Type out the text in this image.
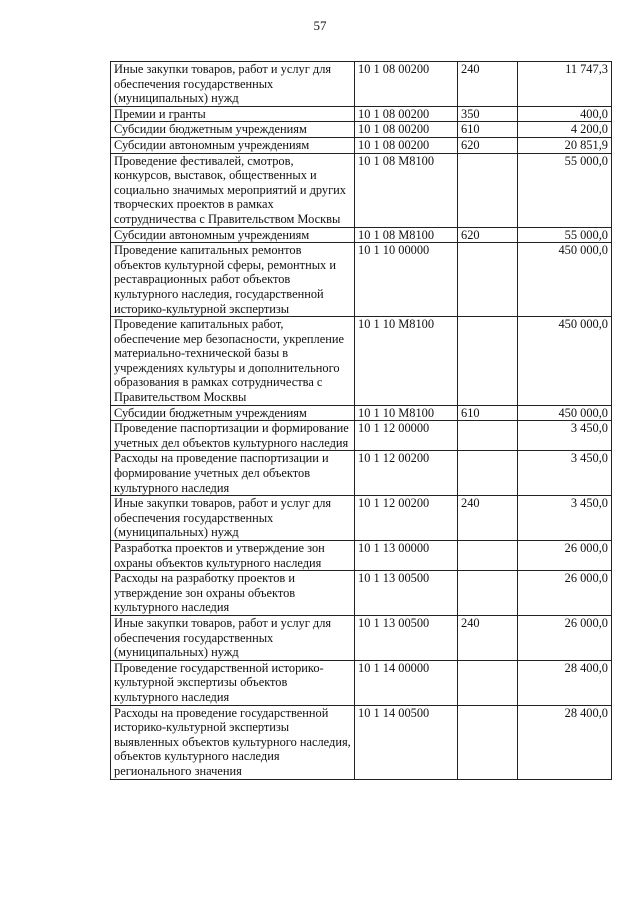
57
Иные закупки товаров, работ и услуг для обеспечения государственных (муниципальных) нужд	10 1 08 00200	240	11 747,3
Премии и гранты	10 1 08 00200	350	400,0
Субсидии бюджетным учреждениям	10 1 08 00200	610	4 200,0
Субсидии автономным учреждениям	10 1 08 00200	620	20 851,9
Проведение фестивалей, смотров, конкурсов, выставок, общественных и социально значимых мероприятий и других творческих проектов в рамках сотрудничества с Правительством Москвы	10 1 08 М8100		55 000,0
Субсидии автономным учреждениям	10 1 08 М8100	620	55 000,0
Проведение капитальных ремонтов объектов культурной сферы, ремонтных и реставрационных работ объектов культурного наследия, государственной историко-культурной экспертизы	10 1 10 00000		450 000,0
Проведение капитальных работ, обеспечение мер безопасности, укрепление материально-технической базы в учреждениях культуры и дополнительного образования в рамках сотрудничества с Правительством Москвы	10 1 10 М8100		450 000,0
Субсидии бюджетным учреждениям	10 1 10 М8100	610	450 000,0
Проведение паспортизации и формирование учетных дел объектов культурного наследия	10 1 12 00000		3 450,0
Расходы на проведение паспортизации и формирование учетных дел объектов культурного наследия	10 1 12 00200		3 450,0
Иные закупки товаров, работ и услуг для обеспечения государственных (муниципальных) нужд	10 1 12 00200	240	3 450,0
Разработка проектов и утверждение зон охраны объектов культурного наследия	10 1 13 00000		26 000,0
Расходы на разработку проектов и утверждение зон охраны объектов культурного наследия	10 1 13 00500		26 000,0
Иные закупки товаров, работ и услуг для обеспечения государственных (муниципальных) нужд	10 1 13 00500	240	26 000,0
Проведение государственной историко-культурной экспертизы объектов культурного наследия	10 1 14 00000		28 400,0
Расходы на проведение государственной историко-культурной экспертизы выявленных объектов культурного наследия, объектов культурного наследия регионального значения	10 1 14 00500		28 400,0
